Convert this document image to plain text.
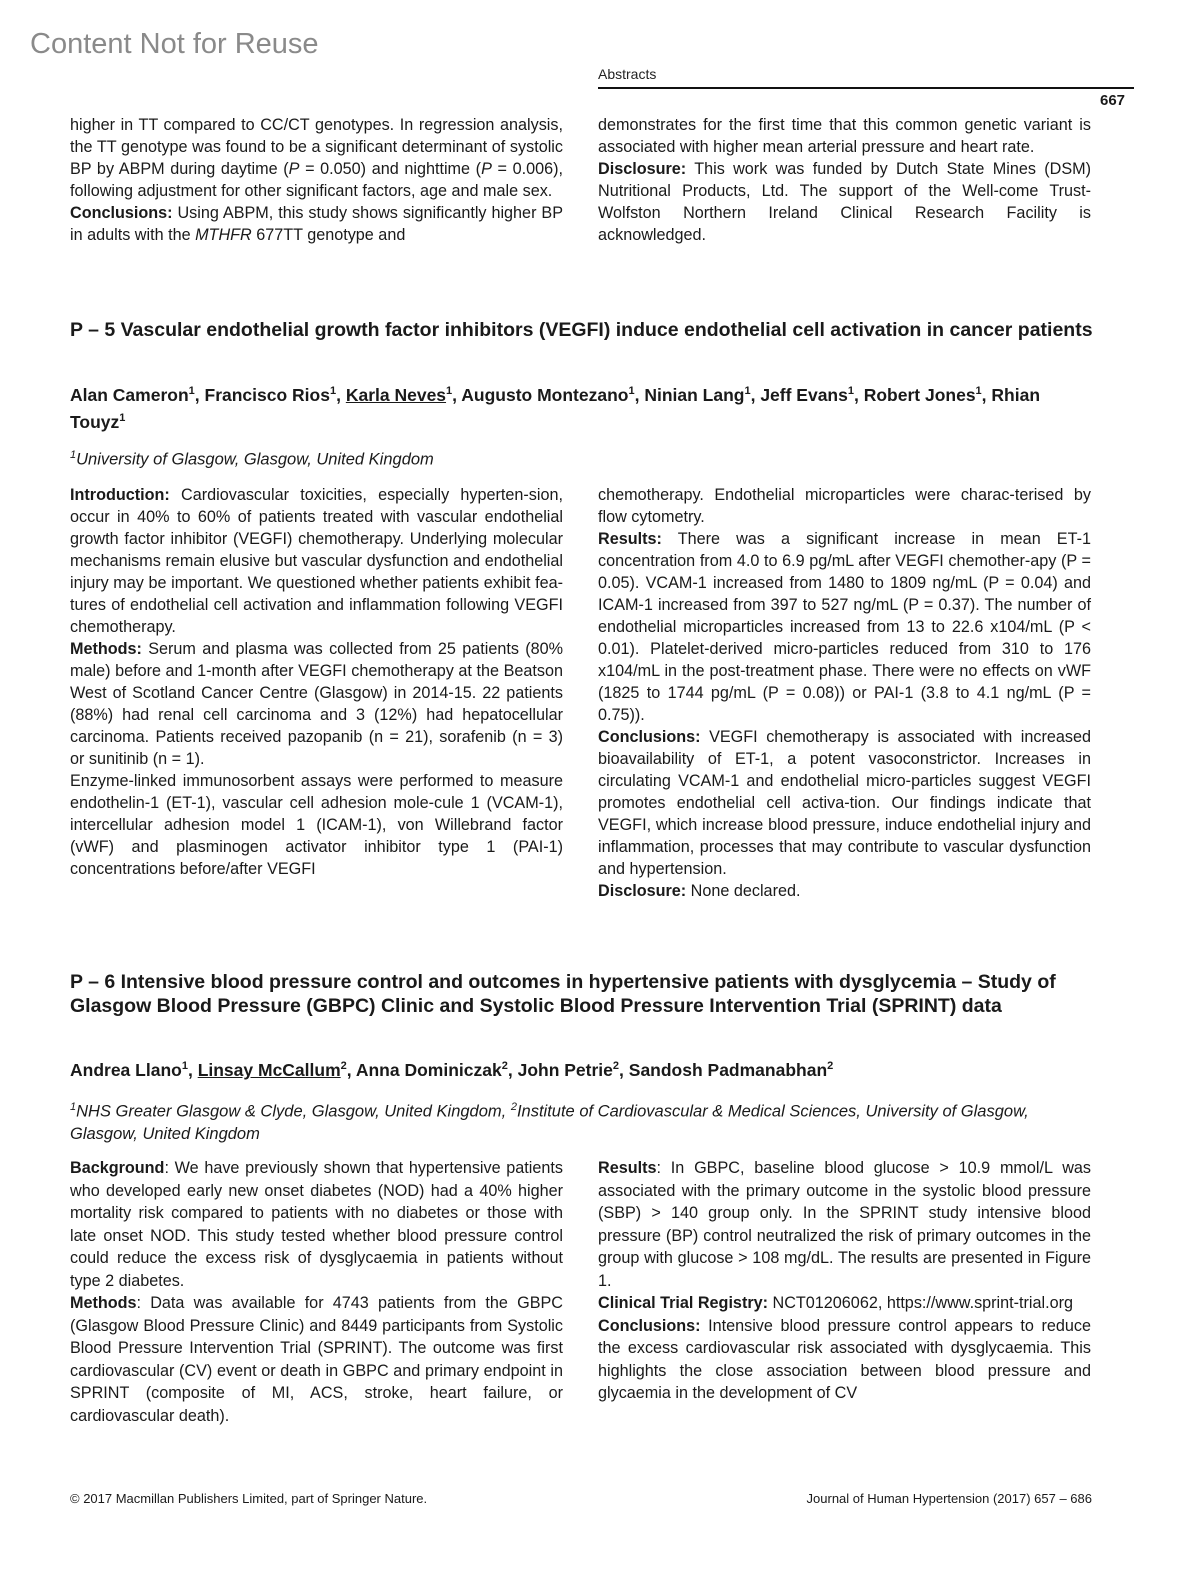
Content Not for Reuse
Abstracts
667

higher in TT compared to CC/CT genotypes. In regression analysis, the TT genotype was found to be a significant determinant of systolic BP by ABPM during daytime (P = 0.050) and nighttime (P = 0.006), following adjustment for other significant factors, age and male sex.

Conclusions: Using ABPM, this study shows significantly higher BP in adults with the MTHFR 677TT genotype and

demonstrates for the first time that this common genetic variant is associated with higher mean arterial pressure and heart rate.

Disclosure: This work was funded by Dutch State Mines (DSM) Nutritional Products, Ltd. The support of the Well-come Trust- Wolfston Northern Ireland Clinical Research Facility is acknowledged.

P – 5 Vascular endothelial growth factor inhibitors (VEGFI) induce endothelial cell activation in cancer patients
Alan Cameron$^1$, Francisco Rios$^1$, Karla Neves$^1$, Augusto Montezano$^1$, Ninian Lang$^1$, Jeff Evans$^1$, Robert Jones$^1$, Rhian Touyz$^1$
$^1$University of Glasgow, Glasgow, United Kingdom

Introduction: Cardiovascular toxicities, especially hyperten-sion, occur in 40% to 60% of patients treated with vascular endothelial growth factor inhibitor (VEGFI) chemotherapy. Underlying molecular mechanisms remain elusive but vascular dysfunction and endothelial injury may be important. We questioned whether patients exhibit fea-tures of endothelial cell activation and inflammation following VEGFI chemotherapy.

Methods: Serum and plasma was collected from 25 patients (80% male) before and 1-month after VEGFI chemotherapy at the Beatson West of Scotland Cancer Centre (Glasgow) in 2014-15. 22 patients (88%) had renal cell carcinoma and 3 (12%) had hepatocellular carcinoma. Patients received pazopanib (n = 21), sorafenib (n = 3) or sunitinib (n = 1).

Enzyme-linked immunosorbent assays were performed to measure endothelin-1 (ET-1), vascular cell adhesion mole-cule 1 (VCAM-1), intercellular adhesion model 1 (ICAM-1), von Willebrand factor (vWF) and plasminogen activator inhibitor type 1 (PAI-1) concentrations before/after VEGFI

chemotherapy. Endothelial microparticles were charac-terised by flow cytometry.

Results: There was a significant increase in mean ET-1 concentration from 4.0 to 6.9 pg/mL after VEGFI chemother-apy (P = 0.05). VCAM-1 increased from 1480 to 1809 ng/mL (P = 0.04) and ICAM-1 increased from 397 to 527 ng/mL (P = 0.37). The number of endothelial microparticles increased from 13 to 22.6 x104/mL (P < 0.01). Platelet-derived micro-particles reduced from 310 to 176 x104/mL in the post-treatment phase. There were no effects on vWF (1825 to 1744 pg/mL (P = 0.08)) or PAI-1 (3.8 to 4.1 ng/mL (P = 0.75)).

Conclusions: VEGFI chemotherapy is associated with increased bioavailability of ET-1, a potent vasoconstrictor. Increases in circulating VCAM-1 and endothelial micro-particles suggest VEGFI promotes endothelial cell activa-tion. Our findings indicate that VEGFI, which increase blood pressure, induce endothelial injury and inflammation, processes that may contribute to vascular dysfunction and hypertension.

Disclosure: None declared.

P – 6 Intensive blood pressure control and outcomes in hypertensive patients with dysglycemia – Study of Glasgow Blood Pressure (GBPC) Clinic and Systolic Blood Pressure Intervention Trial (SPRINT) data
Andrea Llano$^1$, Linsay McCallum$^2$, Anna Dominiczak$^2$, John Petrie$^2$, Sandosh Padmanabhan$^2$
$^1$NHS Greater Glasgow & Clyde, Glasgow, United Kingdom, $^2$Institute of Cardiovascular & Medical Sciences, University of Glasgow, Glasgow, United Kingdom

Background: We have previously shown that hypertensive patients who developed early new onset diabetes (NOD) had a 40% higher mortality risk compared to patients with no diabetes or those with late onset NOD. This study tested whether blood pressure control could reduce the excess risk of dysglycaemia in patients without type 2 diabetes.

Methods: Data was available for 4743 patients from the GBPC (Glasgow Blood Pressure Clinic) and 8449 participants from Systolic Blood Pressure Intervention Trial (SPRINT). The outcome was first cardiovascular (CV) event or death in GBPC and primary endpoint in SPRINT (composite of MI, ACS, stroke, heart failure, or cardiovascular death).

Results: In GBPC, baseline blood glucose > 10.9 mmol/L was associated with the primary outcome in the systolic blood pressure (SBP) > 140 group only. In the SPRINT study intensive blood pressure (BP) control neutralized the risk of primary outcomes in the group with glucose > 108 mg/dL. The results are presented in Figure 1.

Clinical Trial Registry: NCT01206062, https://www.sprint-trial.org

Conclusions: Intensive blood pressure control appears to reduce the excess cardiovascular risk associated with dysglycaemia. This highlights the close association between blood pressure and glycaemia in the development of CV

© 2017 Macmillan Publishers Limited, part of Springer Nature.	Journal of Human Hypertension (2017) 657 – 686
